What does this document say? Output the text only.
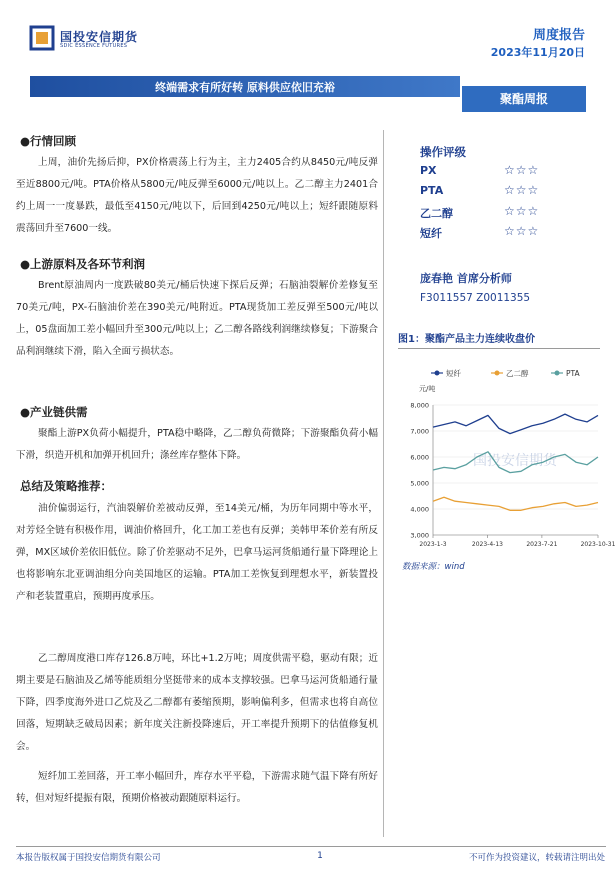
国投安信期货
SDIC ESSENCE FUTURES
周度报告
2023年11月20日
终端需求有所好转 原料供应依旧充裕
聚酯周报
●行情回顾
上周，油价先扬后抑，PX价格震荡上行为主，主力2405合约从8450元/吨反弹至近8800元/吨。PTA价格从5800元/吨反弹至6000元/吨以上。乙二醇主力2401合约上周一一度暴跌，最低至4150元/吨以下，后回到4250元/吨以上；短纤跟随原料震荡回升至7600一线。
●上游原料及各环节利润
Brent原油周内一度跌破80美元/桶后快速下探后反弹；石脑油裂解价差修复至70美元/吨，PX-石脑油价差在390美元/吨附近。PTA现货加工差反弹至500元/吨以上，05盘面加工差小幅回升至300元/吨以上；乙二醇各路线利润继续修复；下游聚合品利润继续下滑，陷入全面亏损状态。
●产业链供需
聚酯上游PX负荷小幅提升，PTA稳中略降，乙二醇负荷微降；下游聚酯负荷小幅下滑，织造开机和加弹开机回升；涤丝库存整体下降。
总结及策略推荐：
油价偏弱运行，汽油裂解价差被动反弹，至14美元/桶，为历年同期中等水平，对芳烃全链有积极作用，调油价格回升，化工加工差也有反弹；美韩甲苯价差有所反弹，MX区域价差依旧低位。除了价差驱动不足外，巴拿马运河货船通行量下降理论上也将影响东北亚调油组分向美国地区的运输。PTA加工差恢复到理想水平，新装置投产和老装置重启，预期再度承压。
乙二醇周度港口库存126.8万吨，环比+1.2万吨；周度供需平稳，驱动有限；近期主要是石脑油及乙烯等能质组分坚挺带来的成本支撑较强。巴拿马运河货船通行量下降，四季度海外进口乙烷及乙二醇都有萎缩预期，影响偏利多，但需求也将自高位回落，短期缺乏破局因素；新年度关注新投降速后，开工率提升预期下的估值修复机会。
短纤加工差回落，开工率小幅回升，库存水平平稳，下游需求随气温下降有所好转，但对短纤提振有限，预期价格被动跟随原料运行。
操作评级
PX	☆☆☆
PTA	☆☆☆
乙二醇	☆☆☆
短纤	☆☆☆
庞春艳 首席分析师
F3011557 Z0011355
图1：聚酯产品主力连续收盘价
短纤	乙二醇	PTA
元/吨
国投安信期货
3,000
4,000
5,000
6,000
7,000
8,000
2023-1-3	2023-4-13	2023-7-21	2023-10-31
数据来源：wind
本报告版权属于国投安信期货有限公司	1	不可作为投资建议，转载请注明出处
